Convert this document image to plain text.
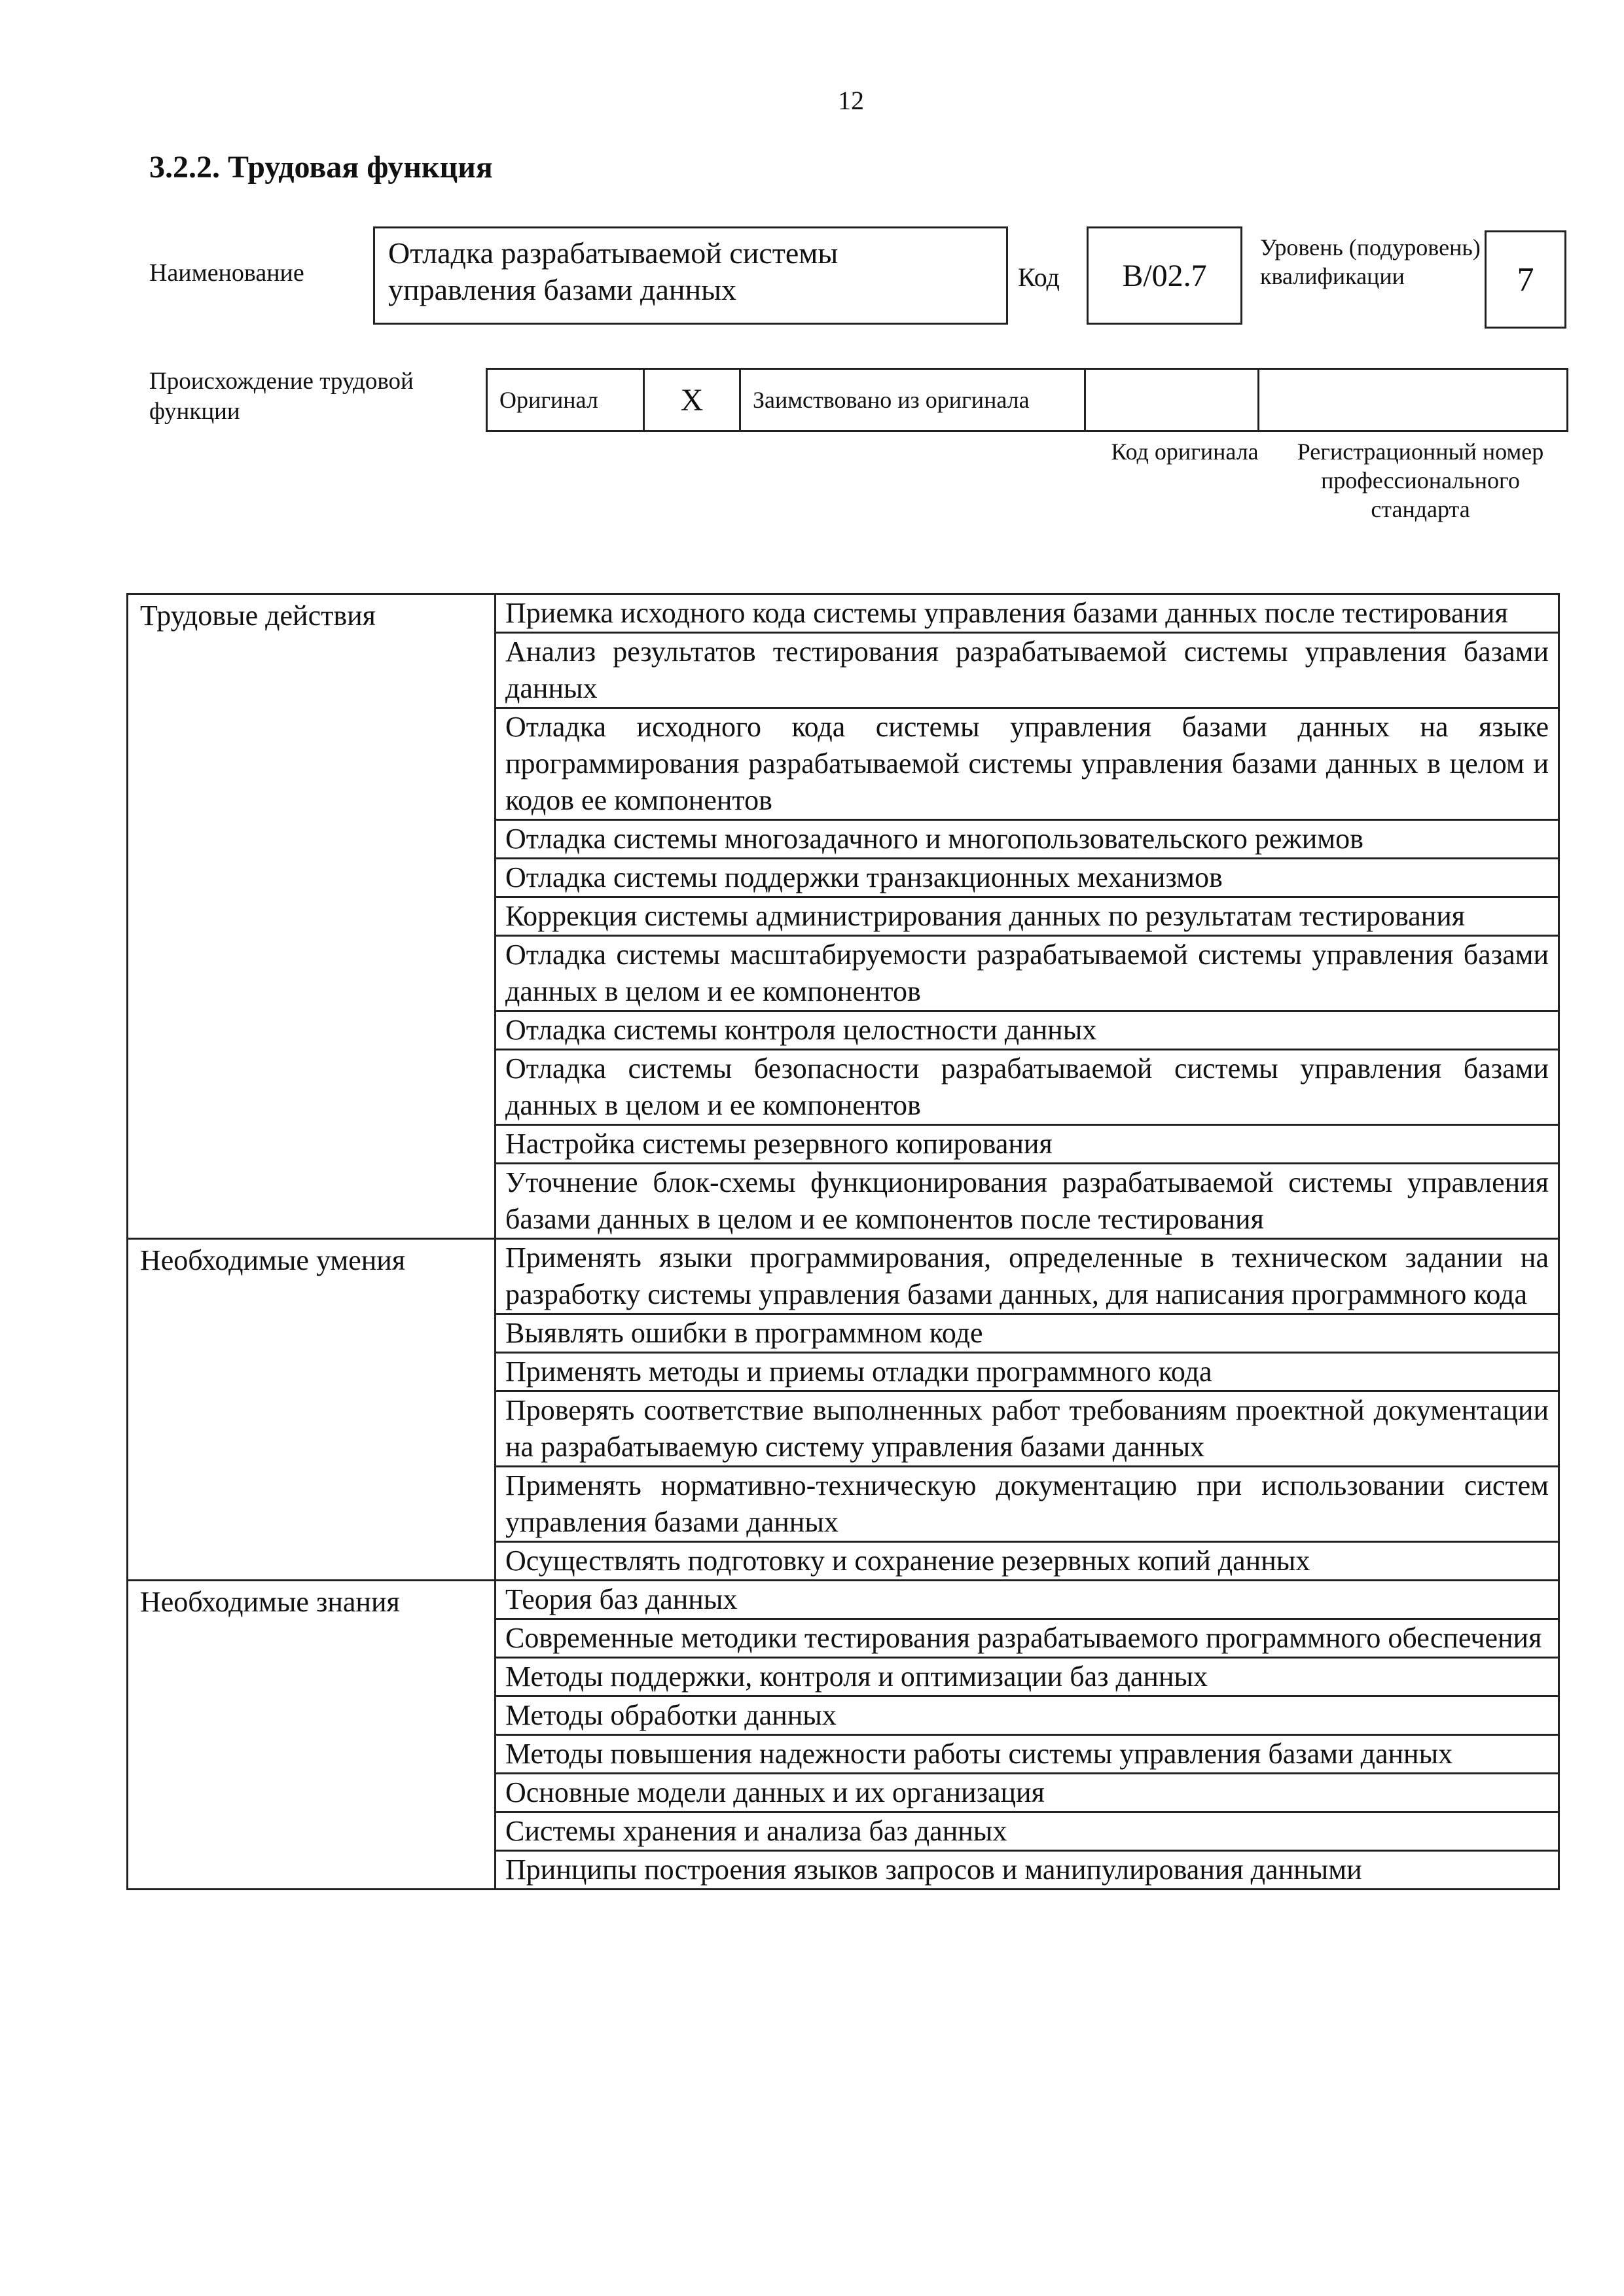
12
3.2.2. Трудовая функция
Наименование
Отладка разрабатываемой системы управления базами данных	Код	B/02.7
Уровень (подуровень) квалификации	7
Происхождение трудовой функции	Оригинал	X	Заимствовано из оригинала		
Код оригинала	Регистрационный номер профессионального стандарта
Трудовые действия	Приемка исходного кода системы управления базами данных после тестирования
	Анализ результатов тестирования разрабатываемой системы управления базами данных
	Отладка исходного кода системы управления базами данных на языке программирования разрабатываемой системы управления базами данных в целом и кодов ее компонентов
	Отладка системы многозадачного и многопользовательского режимов
	Отладка системы поддержки транзакционных механизмов
	Коррекция системы администрирования данных по результатам тестирования
	Отладка системы масштабируемости разрабатываемой системы управления базами данных в целом и ее компонентов
	Отладка системы контроля целостности данных
	Отладка системы безопасности разрабатываемой системы управления базами данных в целом и ее компонентов
	Настройка системы резервного копирования
	Уточнение блок-схемы функционирования разрабатываемой системы управления базами данных в целом и ее компонентов после тестирования
Необходимые умения	Применять языки программирования, определенные в техническом задании на разработку системы управления базами данных, для написания программного кода
	Выявлять ошибки в программном коде
	Применять методы и приемы отладки программного кода
	Проверять соответствие выполненных работ требованиям проектной документации на разрабатываемую систему управления базами данных
	Применять нормативно-техническую документацию при использовании систем управления базами данных
	Осуществлять подготовку и сохранение резервных копий данных
Необходимые знания	Теория баз данных
	Современные методики тестирования разрабатываемого программного обеспечения
	Методы поддержки, контроля и оптимизации баз данных
	Методы обработки данных
	Методы повышения надежности работы системы управления базами данных
	Основные модели данных и их организация
	Системы хранения и анализа баз данных
	Принципы построения языков запросов и манипулирования данными
